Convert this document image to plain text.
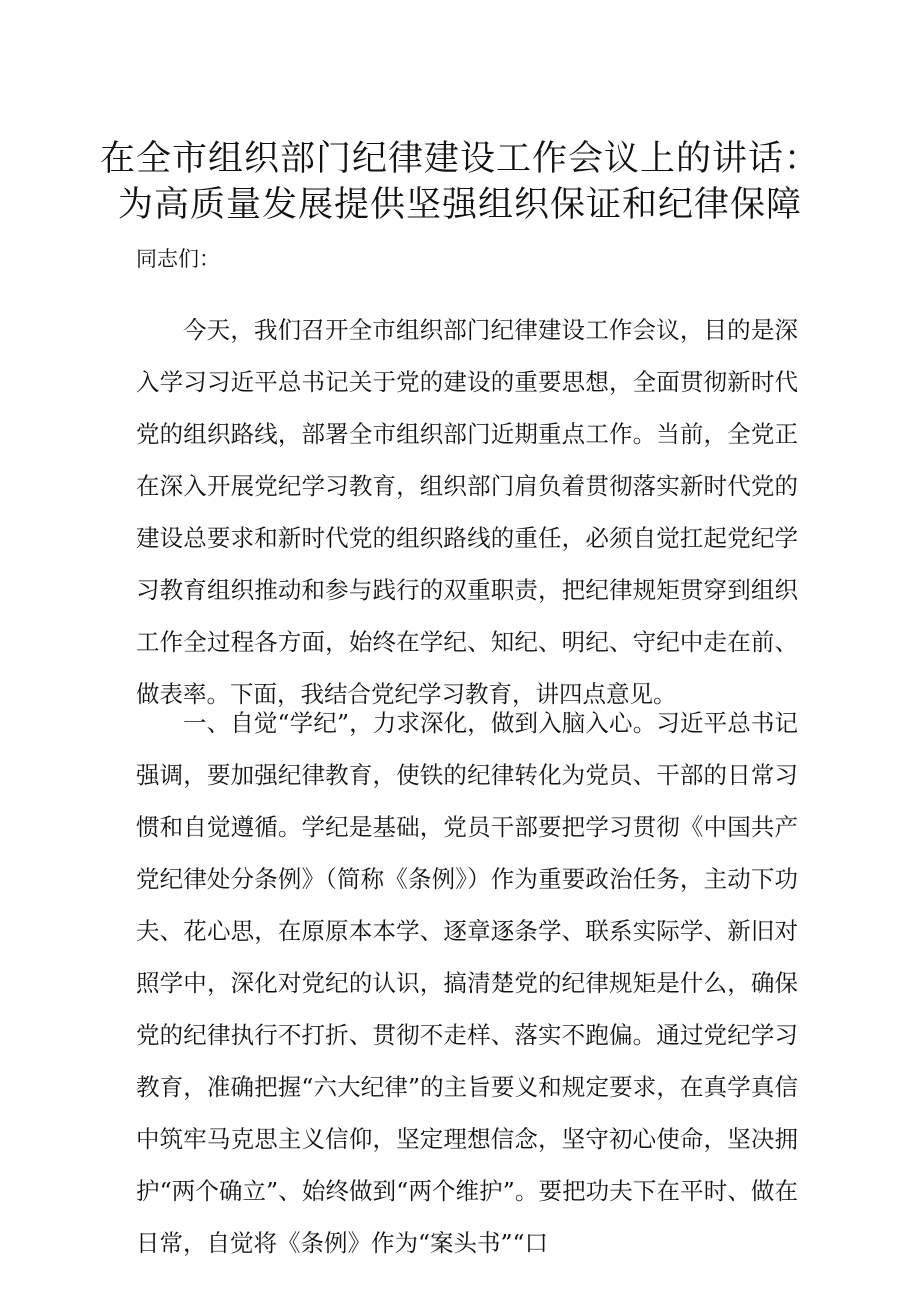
在全市组织部门纪律建设工作会议上的讲话：
为高质量发展提供坚强组织保证和纪律保障

同志们：

今天，我们召开全市组织部门纪律建设工作会议，目的是深入学习习近平总书记关于党的建设的重要思想，全面贯彻新时代党的组织路线，部署全市组织部门近期重点工作。当前，全党正在深入开展党纪学习教育，组织部门肩负着贯彻落实新时代党的建设总要求和新时代党的组织路线的重任，必须自觉扛起党纪学习教育组织推动和参与践行的双重职责，把纪律规矩贯穿到组织工作全过程各方面，始终在学纪、知纪、明纪、守纪中走在前、做表率。下面，我结合党纪学习教育，讲四点意见。

一、自觉“学纪”，力求深化，做到入脑入心。习近平总书记强调，要加强纪律教育，使铁的纪律转化为党员、干部的日常习惯和自觉遵循。学纪是基础，党员干部要把学习贯彻《中国共产党纪律处分条例》（简称《条例》）作为重要政治任务，主动下功夫、花心思，在原原本本学、逐章逐条学、联系实际学、新旧对照学中，深化对党纪的认识，搞清楚党的纪律规矩是什么，确保党的纪律执行不打折、贯彻不走样、落实不跑偏。通过党纪学习教育，准确把握“六大纪律”的主旨要义和规定要求，在真学真信中筑牢马克思主义信仰，坚定理想信念，坚守初心使命，坚决拥护“两个确立”、始终做到“两个维护”。要把功夫下在平时、做在日常，自觉将《条例》作为“案头书”“口
